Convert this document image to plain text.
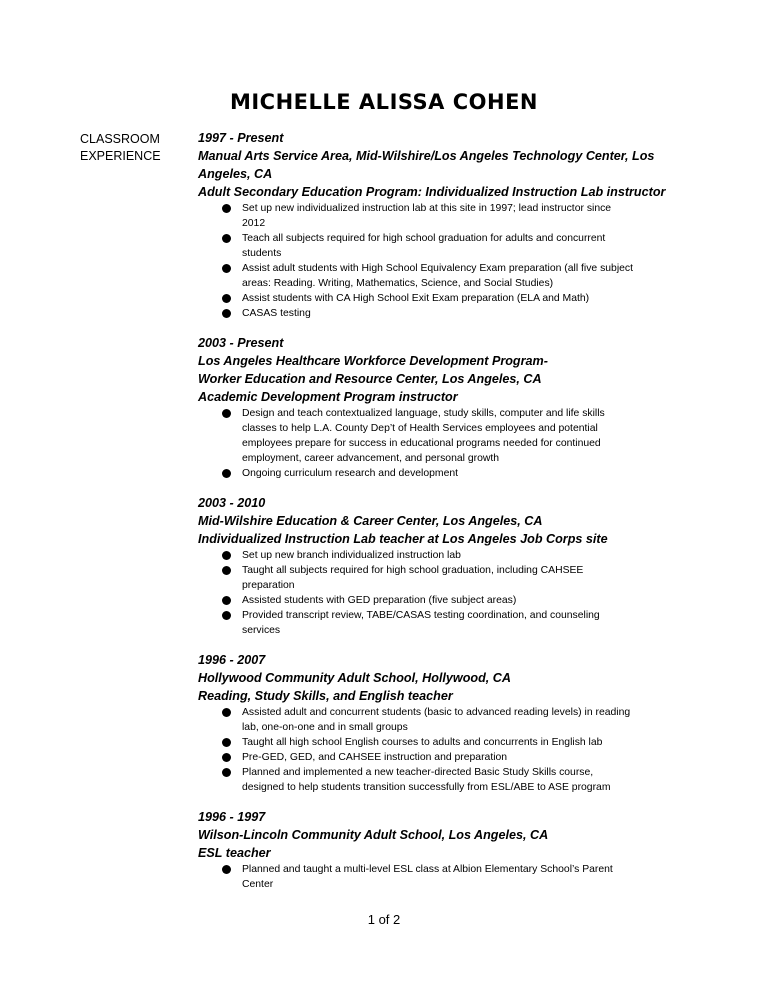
MICHELLE ALISSA COHEN
CLASSROOM
EXPERIENCE
1997 - Present
Manual Arts Service Area, Mid-Wilshire/Los Angeles Technology Center, Los
Angeles, CA
Adult Secondary Education Program: Individualized Instruction Lab instructor
Set up new individualized instruction lab at this site in 1997; lead instructor since
2012
Teach all subjects required for high school graduation for adults and concurrent
students
Assist adult students with High School Equivalency Exam preparation (all five subject
areas: Reading. Writing, Mathematics, Science, and Social Studies)
Assist students with CA High School Exit Exam preparation (ELA and Math)
CASAS testing
2003 - Present
Los Angeles Healthcare Workforce Development Program-
Worker Education and Resource Center, Los Angeles, CA
Academic Development Program instructor
Design and teach contextualized language, study skills, computer and life skills
classes to help L.A. County Dep’t of Health Services employees and potential
employees prepare for success in educational programs needed for continued
employment, career advancement, and personal growth
Ongoing curriculum research and development
2003 - 2010
Mid-Wilshire Education & Career Center, Los Angeles, CA
Individualized Instruction Lab teacher at Los Angeles Job Corps site
Set up new branch individualized instruction lab
Taught all subjects required for high school graduation, including CAHSEE
preparation
Assisted students with GED preparation (five subject areas)
Provided transcript review, TABE/CASAS testing coordination, and counseling
services
1996 - 2007
Hollywood Community Adult School, Hollywood, CA
Reading, Study Skills, and English teacher
Assisted adult and concurrent students (basic to advanced reading levels) in reading
lab, one-on-one and in small groups
Taught all high school English courses to adults and concurrents in English lab
Pre-GED, GED, and CAHSEE instruction and preparation
Planned and implemented a new teacher-directed Basic Study Skills course,
designed to help students transition successfully from ESL/ABE to ASE program
1996 - 1997
Wilson-Lincoln Community Adult School, Los Angeles, CA
ESL teacher
Planned and taught a multi-level ESL class at Albion Elementary School’s Parent
Center
1 of 2
